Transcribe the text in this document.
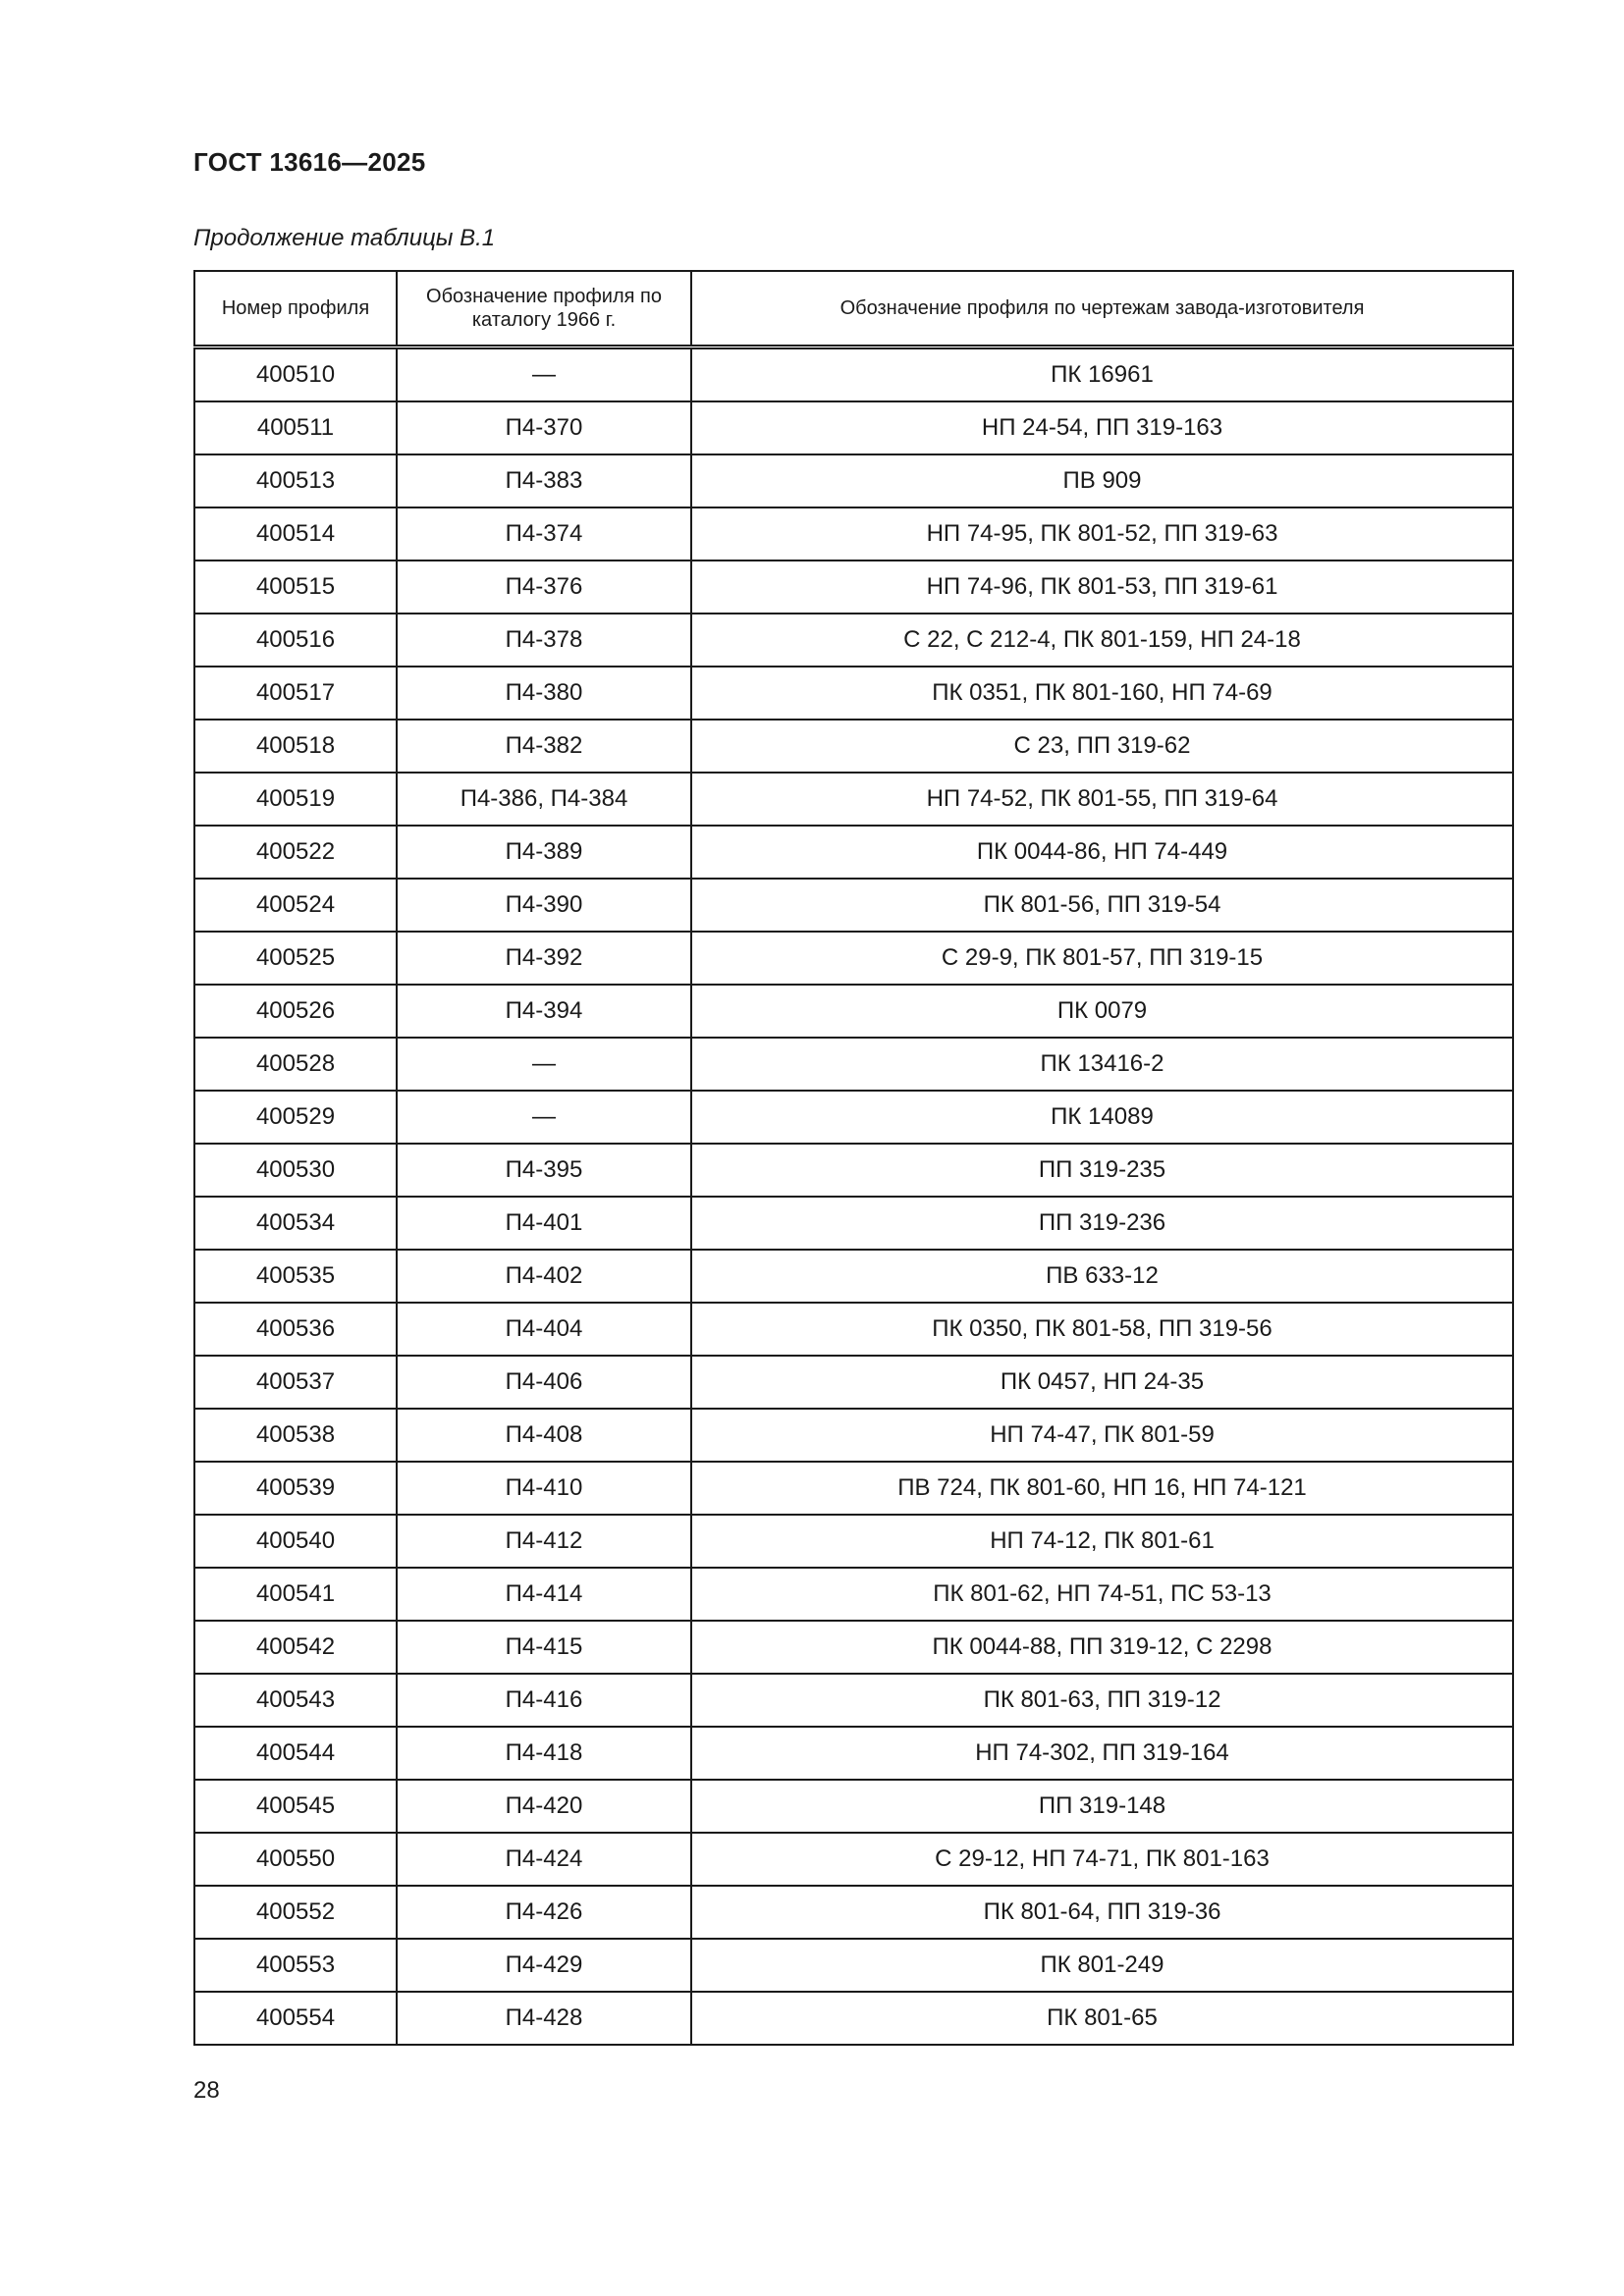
ГОСТ 13616—2025
Продолжение таблицы В.1
Номер профиля	Обозначение профиля по каталогу 1966 г.	Обозначение профиля по чертежам завода-изготовителя
400510	—	ПК 16961
400511	П4-370	НП 24-54, ПП 319-163
400513	П4-383	ПВ 909
400514	П4-374	НП 74-95, ПК 801-52, ПП 319-63
400515	П4-376	НП 74-96, ПК 801-53, ПП 319-61
400516	П4-378	С 22, С 212-4, ПК 801-159, НП 24-18
400517	П4-380	ПК 0351, ПК 801-160, НП 74-69
400518	П4-382	С 23, ПП 319-62
400519	П4-386, П4-384	НП 74-52, ПК 801-55, ПП 319-64
400522	П4-389	ПК 0044-86, НП 74-449
400524	П4-390	ПК 801-56, ПП 319-54
400525	П4-392	С 29-9, ПК 801-57, ПП 319-15
400526	П4-394	ПК 0079
400528	—	ПК 13416-2
400529	—	ПК 14089
400530	П4-395	ПП 319-235
400534	П4-401	ПП 319-236
400535	П4-402	ПВ 633-12
400536	П4-404	ПК 0350, ПК 801-58, ПП 319-56
400537	П4-406	ПК 0457, НП 24-35
400538	П4-408	НП 74-47, ПК 801-59
400539	П4-410	ПВ 724, ПК 801-60, НП 16, НП 74-121
400540	П4-412	НП 74-12, ПК 801-61
400541	П4-414	ПК 801-62, НП 74-51, ПС 53-13
400542	П4-415	ПК 0044-88, ПП 319-12, С 2298
400543	П4-416	ПК 801-63, ПП 319-12
400544	П4-418	НП 74-302, ПП 319-164
400545	П4-420	ПП 319-148
400550	П4-424	С 29-12, НП 74-71, ПК 801-163
400552	П4-426	ПК 801-64, ПП 319-36
400553	П4-429	ПК 801-249
400554	П4-428	ПК 801-65
28
